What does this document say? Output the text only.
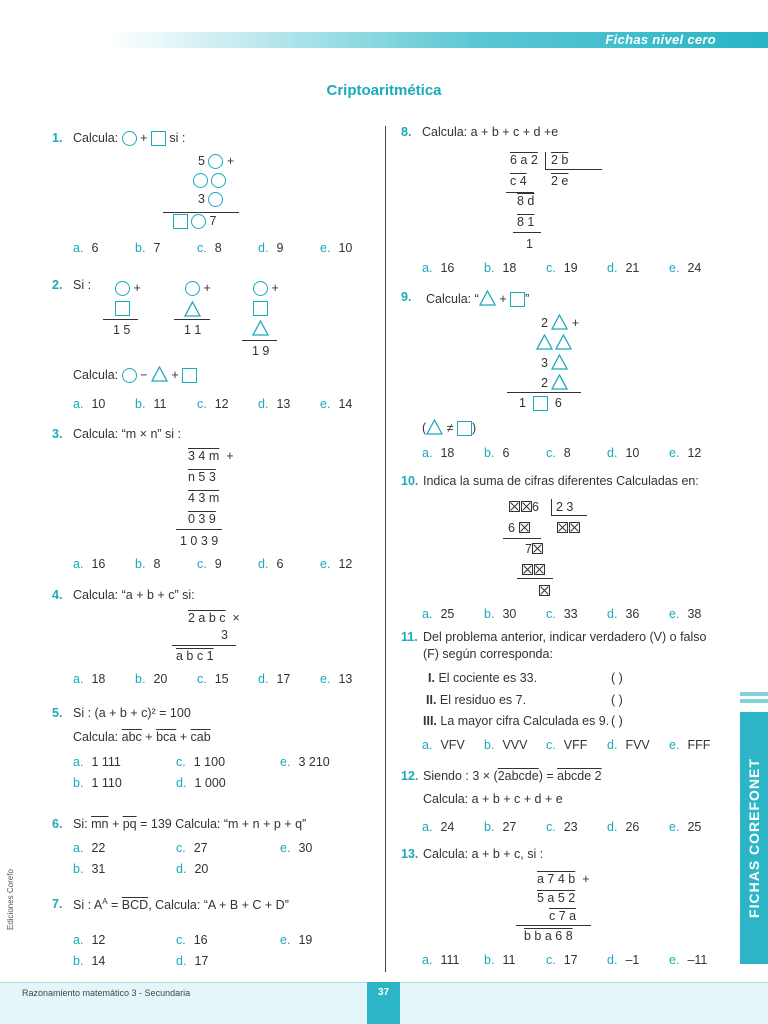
Fichas nivel cero
Criptoaritmética
1. Calcula: + si :
5 +
3
7
a. 6	b. 7	c. 8	d. 9	e. 10
2. Si :	+
1 5
+
1 1
+
1 9
Calcula: − +
a. 10 b. 11 c. 12 d. 13 e. 14
3. Calcula: “m × n” si :
3 4 m +
n 5 3
4 3 m
0 3 9
1 0 3 9
a. 16 b. 8	c. 9	d. 6	e. 12
4. Calcula: “a + b + c” si:
2 a b c ×
3
a b c 1
a. 18 b. 20 c. 15 d. 17 e. 13
5. Si : (a + b + c)² = 100
Calcula: $\overline{abc} + \overline{bca} + \overline{cab}$
a. 1 111	c. 1 100	e. 3 210
b. 1 110	d. 1 000
6. Si: $\overline{mn} + \overline{pq} = 139$ Calcula: “m + n + p + q”
a. 22	c. 27	e. 30
b. 31	d. 20
7. Si : $A^A = \overline{BCD}$, Calcula: “A + B + C + D”
a. 12	c. 16	e. 19
b. 14	d. 17
8. Calcula: a + b + c + d +e
6 a 2 2 b
c 4 2 e
8 d
8 1
1
a. 16 b. 18 c. 19 d. 21 e. 24
9. Calcula: “ + ”
2 +
3
2
1 6
( ≠ )
a. 18 b. 6	c. 8	d. 10 e. 12
10. Indica la suma de cifras diferentes Calculadas en:
6 2 3
6
7
a. 25 b. 30 c. 33 d. 36 e. 38
11. Del problema anterior, indicar verdadero (V) o falso
(F) según corresponda:
I. El cociente es 33.	( )
II. El residuo es 7.	( )
III. La mayor cifra Calculada es 9. ( )
a. VFV b. VVV c. VFF d. FVV e. FFF
12. Siendo : 3 × (2abcde) = abcde 2
Calcula: a + b + c + d + e
a. 24 b. 27 c. 23 d. 26 e. 25
13. Calcula: a + b + c, si :
a 7 4 b +
5 a 5 2
c 7 a
b b a 6 8
a. 111 b. 11 c. 17 d. –1 e. –11
FICHAS COREFONET
Ediciones Corefo
Razonamiento matemático 3 - Secundaria	37
